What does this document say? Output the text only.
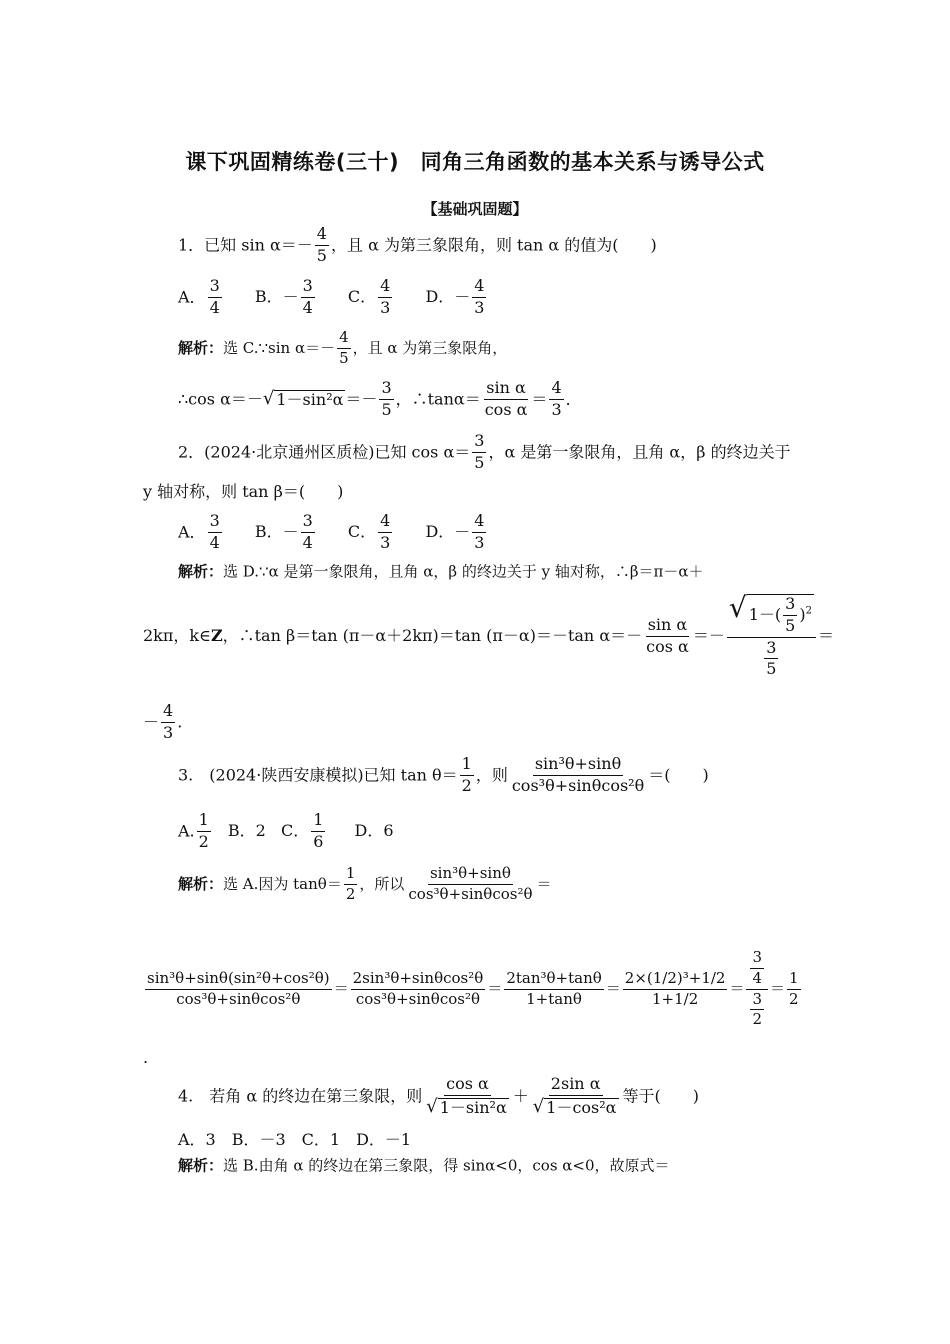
课下巩固精练卷(三十)　同角三角函数的基本关系与诱导公式
【基础巩固题】
1．已知 $\sin \alpha=- \frac{4}{5}$ ，且 α 为第三象限角，则 tan α 的值为(　　)
A． $\frac{3}{4}$ B．－ $\frac{3}{4}$ C． $\frac{4}{3}$ D．－ $\frac{4}{3}$
解析：选 C.∵sin $\alpha=- \frac{4}{5}$ ，且 α 为第三象限角，
∴cos α＝－ √ $1-\sin^2\alpha =- \frac{3}{5}$ ，∴tanα＝ $\frac{\text{sin α}}{\text{cos α}} = \frac{4}{3}$ ．
2．(2024·北京通州区质检)已知 $\cos \alpha= \frac{3}{5}$ ，α 是第一象限角，且角 α，β 的终边关于
y 轴对称，则 tan β＝(　　)
A． $\frac{3}{4}$ B．－ $\frac{3}{4}$ C． $\frac{4}{3}$ D．－ $\frac{4}{3}$
解析：选 D.∵α 是第一象限角，且角 α，β 的终边关于 y 轴对称，∴β＝π－α＋
2kπ，k∈Z，∴tan β＝tan (π－α＋2kπ)＝tan (π－α)＝－tan $\alpha=- \frac{\text{sin α}}{\text{cos α}} =- \frac{√ 1-( \frac{3}{5} )^2}{\frac{3}{5}}$ ＝
－ $\frac{4}{3}$ .
3.　(2024·陕西安康模拟)已知 $\tan \theta= \frac{1}{2}$ ，则 $\frac{\text{sin³θ+sinθ}}{\text{cos³θ+sinθcos²θ}}$ ＝(　　)
A. $\frac{1}{2}$ B．2 C． $\frac{1}{6}$ D．6
解析：选 A.因为 $\tan\theta= \frac{1}{2}$ ，所以 $\frac{\text{sin³θ+sinθ}}{\text{cos³θ+sinθcos²θ}}$ ＝
$\frac{\text{sin³θ+sinθ(sin²θ+cos²θ)}}{\text{cos³θ+sinθcos²θ}} = \frac{\text{2sin³θ+sinθcos²θ}}{\text{cos³θ+sinθcos²θ}} = \frac{\text{2tan³θ+tanθ}}{1+\tan\theta} = \frac{\text{2×(1/2)³+1/2}}{1+1/2} = \frac{\frac{3}{4}}{\frac{3}{2}} = \frac{1}{2}$
.
4.　若角 α 的终边在第三象限，则 $\frac{\text{cos α}}{\text{√ 1－sin²α}} + \frac{\text{2sin α}}{\text{√ 1－cos²α}}$ 等于(　　)
A．3　B．－3　C．1　D．－1
解析：选 B.由角 α 的终边在第三象限，得 sinα<0，cos α<0，故原式＝
